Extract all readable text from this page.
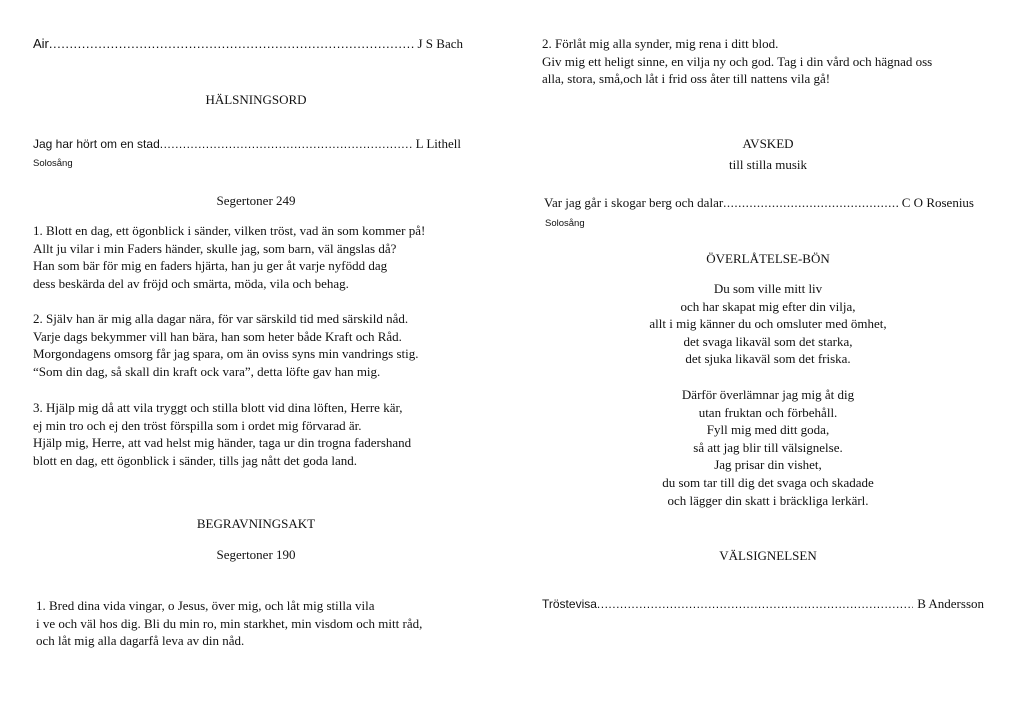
Air .....	J S Bach
HÄLSNINGSORD
Jag har hört om en stad .....	L Lithell
Solosång
Segertoner 249
1. Blott en dag, ett ögonblick i sänder, vilken tröst, vad än som kommer på!
Allt ju vilar i min Faders händer, skulle jag, som barn, väl ängslas då?
Han som bär för mig en faders hjärta, han ju ger åt varje nyfödd dag
dess beskärda del av fröjd och smärta, möda, vila och behag.
2. Själv han är mig alla dagar nära, för var särskild tid med särskild nåd.
Varje dags bekymmer vill han bära, han som heter både Kraft och Råd.
Morgondagens omsorg får jag spara, om än oviss syns min vandrings stig.
“Som din dag, så skall din kraft ock vara”, detta löfte gav han mig.
3. Hjälp mig då att vila tryggt och stilla blott vid dina löften, Herre kär,
ej min tro och ej den tröst förspilla som i ordet mig förvarad är.
Hjälp mig, Herre, att vad helst mig händer, taga ur din trogna fadershand
blott en dag, ett ögonblick i sänder, tills jag nått det goda land.
BEGRAVNINGSAKT
Segertoner 190
1. Bred dina vida vingar, o Jesus, över mig, och låt mig stilla vila
i ve och väl hos dig. Bli du min ro, min starkhet, min visdom och mitt råd,
och låt mig alla dagarfå leva av din nåd.
2. Förlåt mig alla synder, mig rena i ditt blod.
Giv mig ett heligt sinne, en vilja ny och god. Tag i din vård och hägnad oss
alla, stora, små,och låt i frid oss åter till nattens vila gå!
AVSKED
till stilla musik
Var jag går i skogar berg och dalar .....	C O Rosenius
Solosång
ÖVERLÅTELSE-BÖN
Du som ville mitt liv
och har skapat mig efter din vilja,
allt i mig känner du och omsluter med ömhet,
det svaga likaväl som det starka,
det sjuka likaväl som det friska.
Därför överlämnar jag mig åt dig
utan fruktan och förbehåll.
Fyll mig med ditt goda,
så att jag blir till välsignelse.
Jag prisar din vishet,
du som tar till dig det svaga och skadade
och lägger din skatt i bräckliga lerkärl.
VÄLSIGNELSEN
Tröstevisa .....	B Andersson
